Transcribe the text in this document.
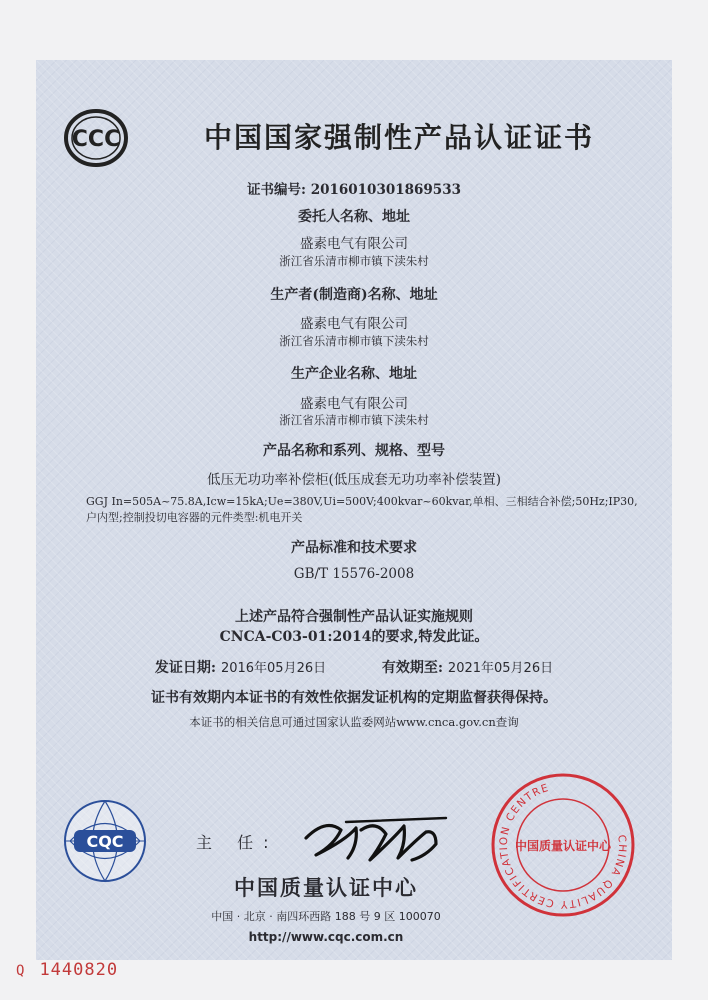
CCC	中国国家强制性产品认证证书
证书编号: 2016010301869533
委托人名称、地址
盛素电气有限公司
浙江省乐清市柳市镇下渎朱村
生产者(制造商)名称、地址
盛素电气有限公司
浙江省乐清市柳市镇下渎朱村
生产企业名称、地址
盛素电气有限公司
浙江省乐清市柳市镇下渎朱村
产品名称和系列、规格、型号
低压无功功率补偿柜(低压成套无功功率补偿装置)
GGJ In=505A~75.8A,Icw=15kA;Ue=380V,Ui=500V;400kvar~60kvar,单相、三相结合补偿;50Hz;IP30,户内型;控制投切电容器的元件类型:机电开关
产品标准和技术要求
GB/T 15576-2008
上述产品符合强制性产品认证实施规则
CNCA-C03-01:2014的要求,特发此证。
发证日期: 2016年05月26日	有效期至: 2021年05月26日
证书有效期内本证书的有效性依据发证机构的定期监督获得保持。
本证书的相关信息可通过国家认监委网站www.cnca.gov.cn查询
CQC	主 任:
中国质量认证中心
中国 · 北京 · 南四环西路 188 号 9 区 100070
http://www.cqc.com.cn
CHINA QUALITY CERTIFICATION CENTRE
中国质量认证中心
Q 1440820
